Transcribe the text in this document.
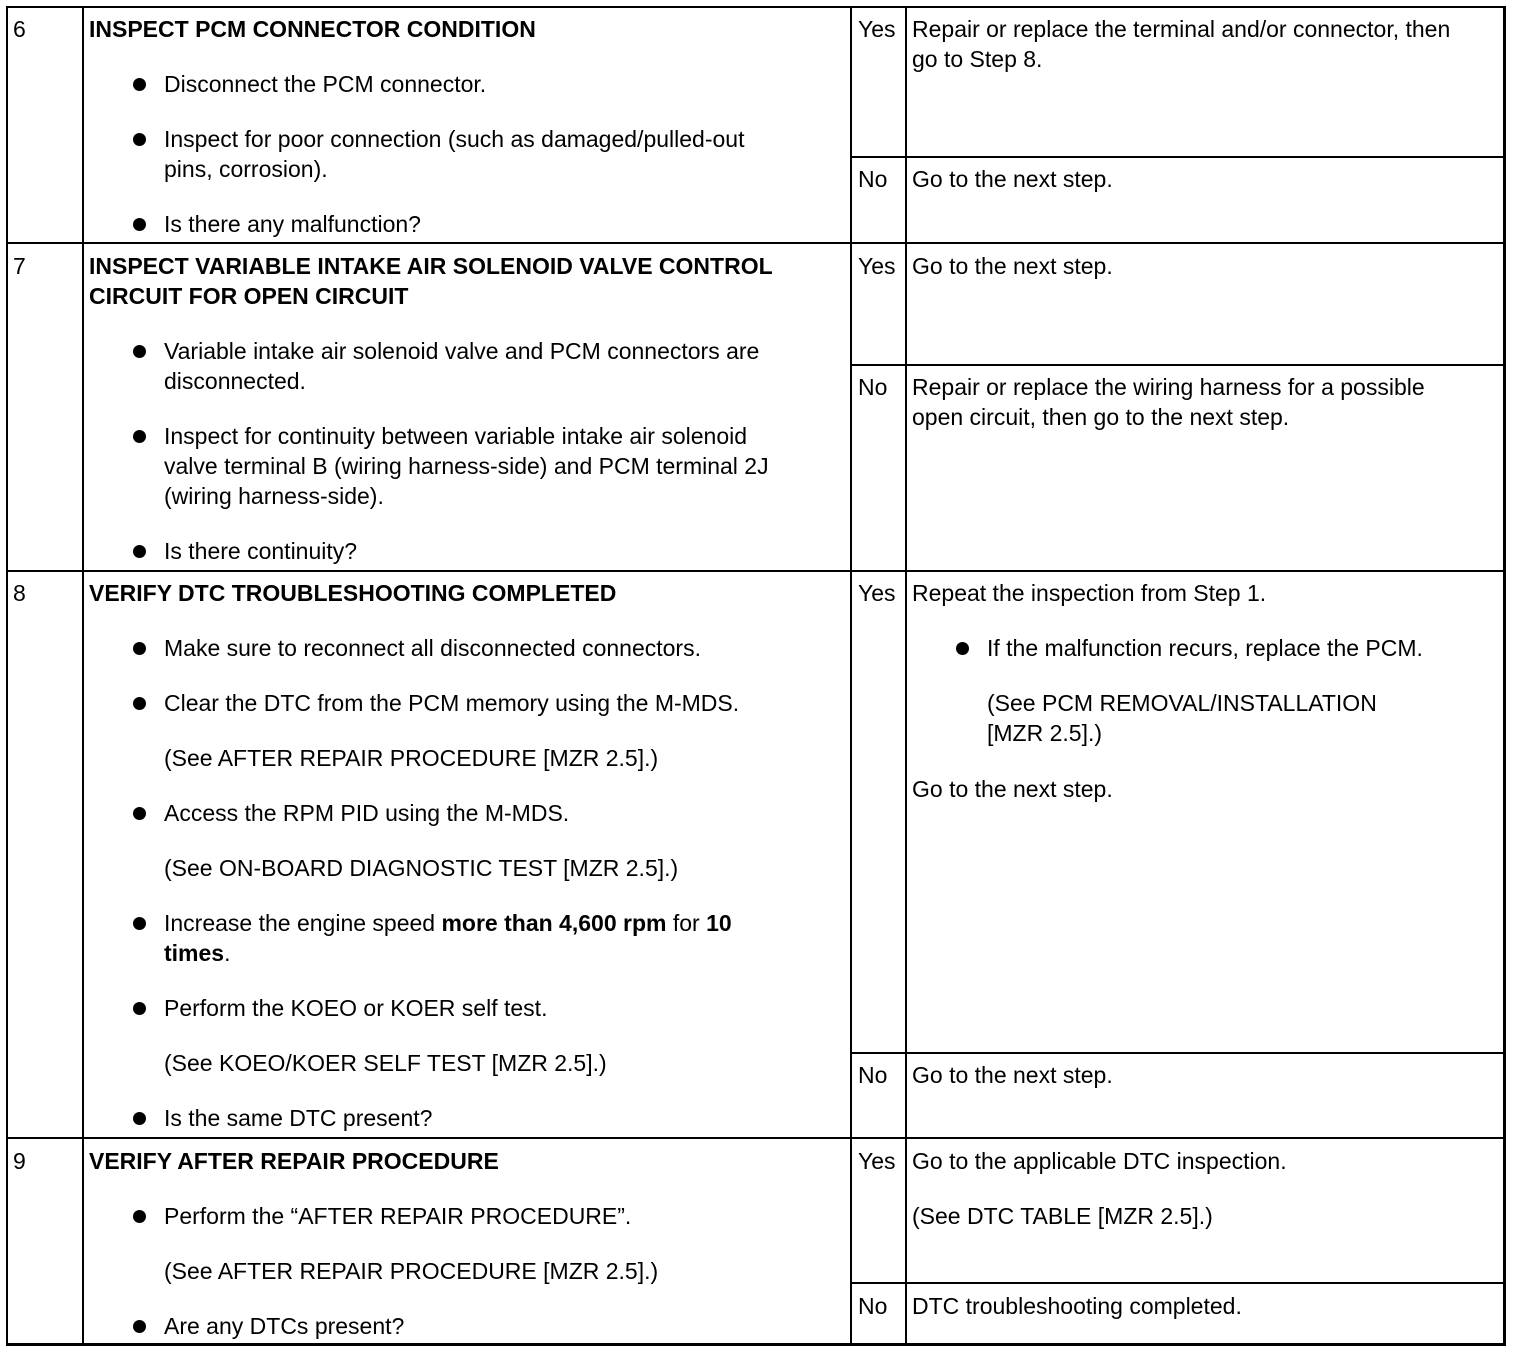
6	INSPECT PCM CONNECTOR CONDITION
Disconnect the PCM connector.
Inspect for poor connection (such as damaged/pulled-out
pins, corrosion).
Is there any malfunction?
Yes Repair or replace the terminal and/or connector, then
go to Step 8.
No Go to the next step.
7	INSPECT VARIABLE INTAKE AIR SOLENOID VALVE CONTROL
CIRCUIT FOR OPEN CIRCUIT
Variable intake air solenoid valve and PCM connectors are
disconnected.
Inspect for continuity between variable intake air solenoid
valve terminal B (wiring harness-side) and PCM terminal 2J
(wiring harness-side).
Is there continuity?
Yes Go to the next step.
No Repair or replace the wiring harness for a possible
open circuit, then go to the next step.
8	VERIFY DTC TROUBLESHOOTING COMPLETED
Make sure to reconnect all disconnected connectors.
Clear the DTC from the PCM memory using the M-MDS.
(See AFTER REPAIR PROCEDURE [MZR 2.5].)
Access the RPM PID using the M-MDS.
(See ON-BOARD DIAGNOSTIC TEST [MZR 2.5].)
Increase the engine speed more than 4,600 rpm for 10
times.
Perform the KOEO or KOER self test.
(See KOEO/KOER SELF TEST [MZR 2.5].)
Is the same DTC present?
Yes Repeat the inspection from Step 1.
If the malfunction recurs, replace the PCM.
(See PCM REMOVAL/INSTALLATION
[MZR 2.5].)
Go to the next step.
No Go to the next step.
9	VERIFY AFTER REPAIR PROCEDURE
Perform the “AFTER REPAIR PROCEDURE”.
(See AFTER REPAIR PROCEDURE [MZR 2.5].)
Are any DTCs present?
Yes Go to the applicable DTC inspection.
(See DTC TABLE [MZR 2.5].)
No DTC troubleshooting completed.
